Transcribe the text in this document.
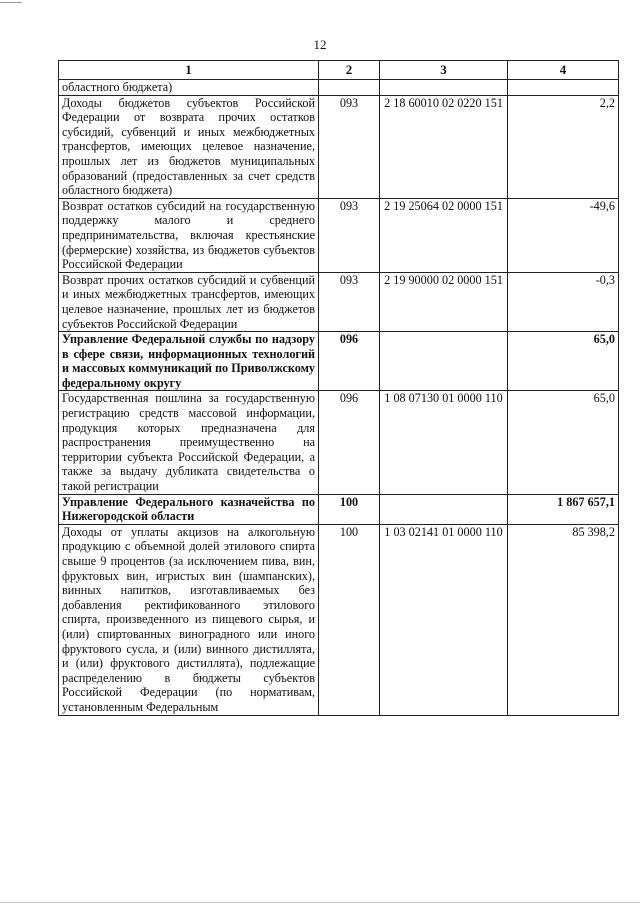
12
1	2	3	4

областного бюджета)			

Доходы бюджетов субъектов Российской Федерации от возврата прочих остатков субсидий, субвенций и иных межбюджетных трансфертов, имеющих целевое назначение, прошлых лет из бюджетов муниципальных образований (предоставленных за счет средств областного бюджета)	093	2 18 60010 02 0220 151	2,2

Возврат остатков субсидий на государственную поддержку малого и среднего предпринимательства, включая крестьянские (фермерские) хозяйства, из бюджетов субъектов Российской Федерации	093	2 19 25064 02 0000 151	-49,6

Возврат прочих остатков субсидий и субвенций и иных межбюджетных трансфертов, имеющих целевое назначение, прошлых лет из бюджетов субъектов Российской Федерации	093	2 19 90000 02 0000 151	-0,3

Управление Федеральной службы по надзору в сфере связи, информационных технологий и массовых коммуникаций по Приволжскому федеральному округу	096		65,0

Государственная пошлина за государственную регистрацию средств массовой информации, продукция которых предназначена для распространения преимущественно на территории субъекта Российской Федерации, а также за выдачу дубликата свидетельства о такой регистрации	096	1 08 07130 01 0000 110	65,0

Управление Федерального казначейства по Нижегородской области	100		1 867 657,1

Доходы от уплаты акцизов на алкогольную продукцию с объемной долей этилового спирта свыше 9 процентов (за исключением пива, вин, фруктовых вин, игристых вин (шампанских), винных напитков, изготавливаемых без добавления ректификованного этилового спирта, произведенного из пищевого сырья, и (или) спиртованных виноградного или иного фруктового сусла, и (или) винного дистиллята, и (или) фруктового дистиллята), подлежащие распределению в бюджеты субъектов Российской Федерации (по нормативам, установленным Федеральным	100	1 03 02141 01 0000 110	85 398,2
